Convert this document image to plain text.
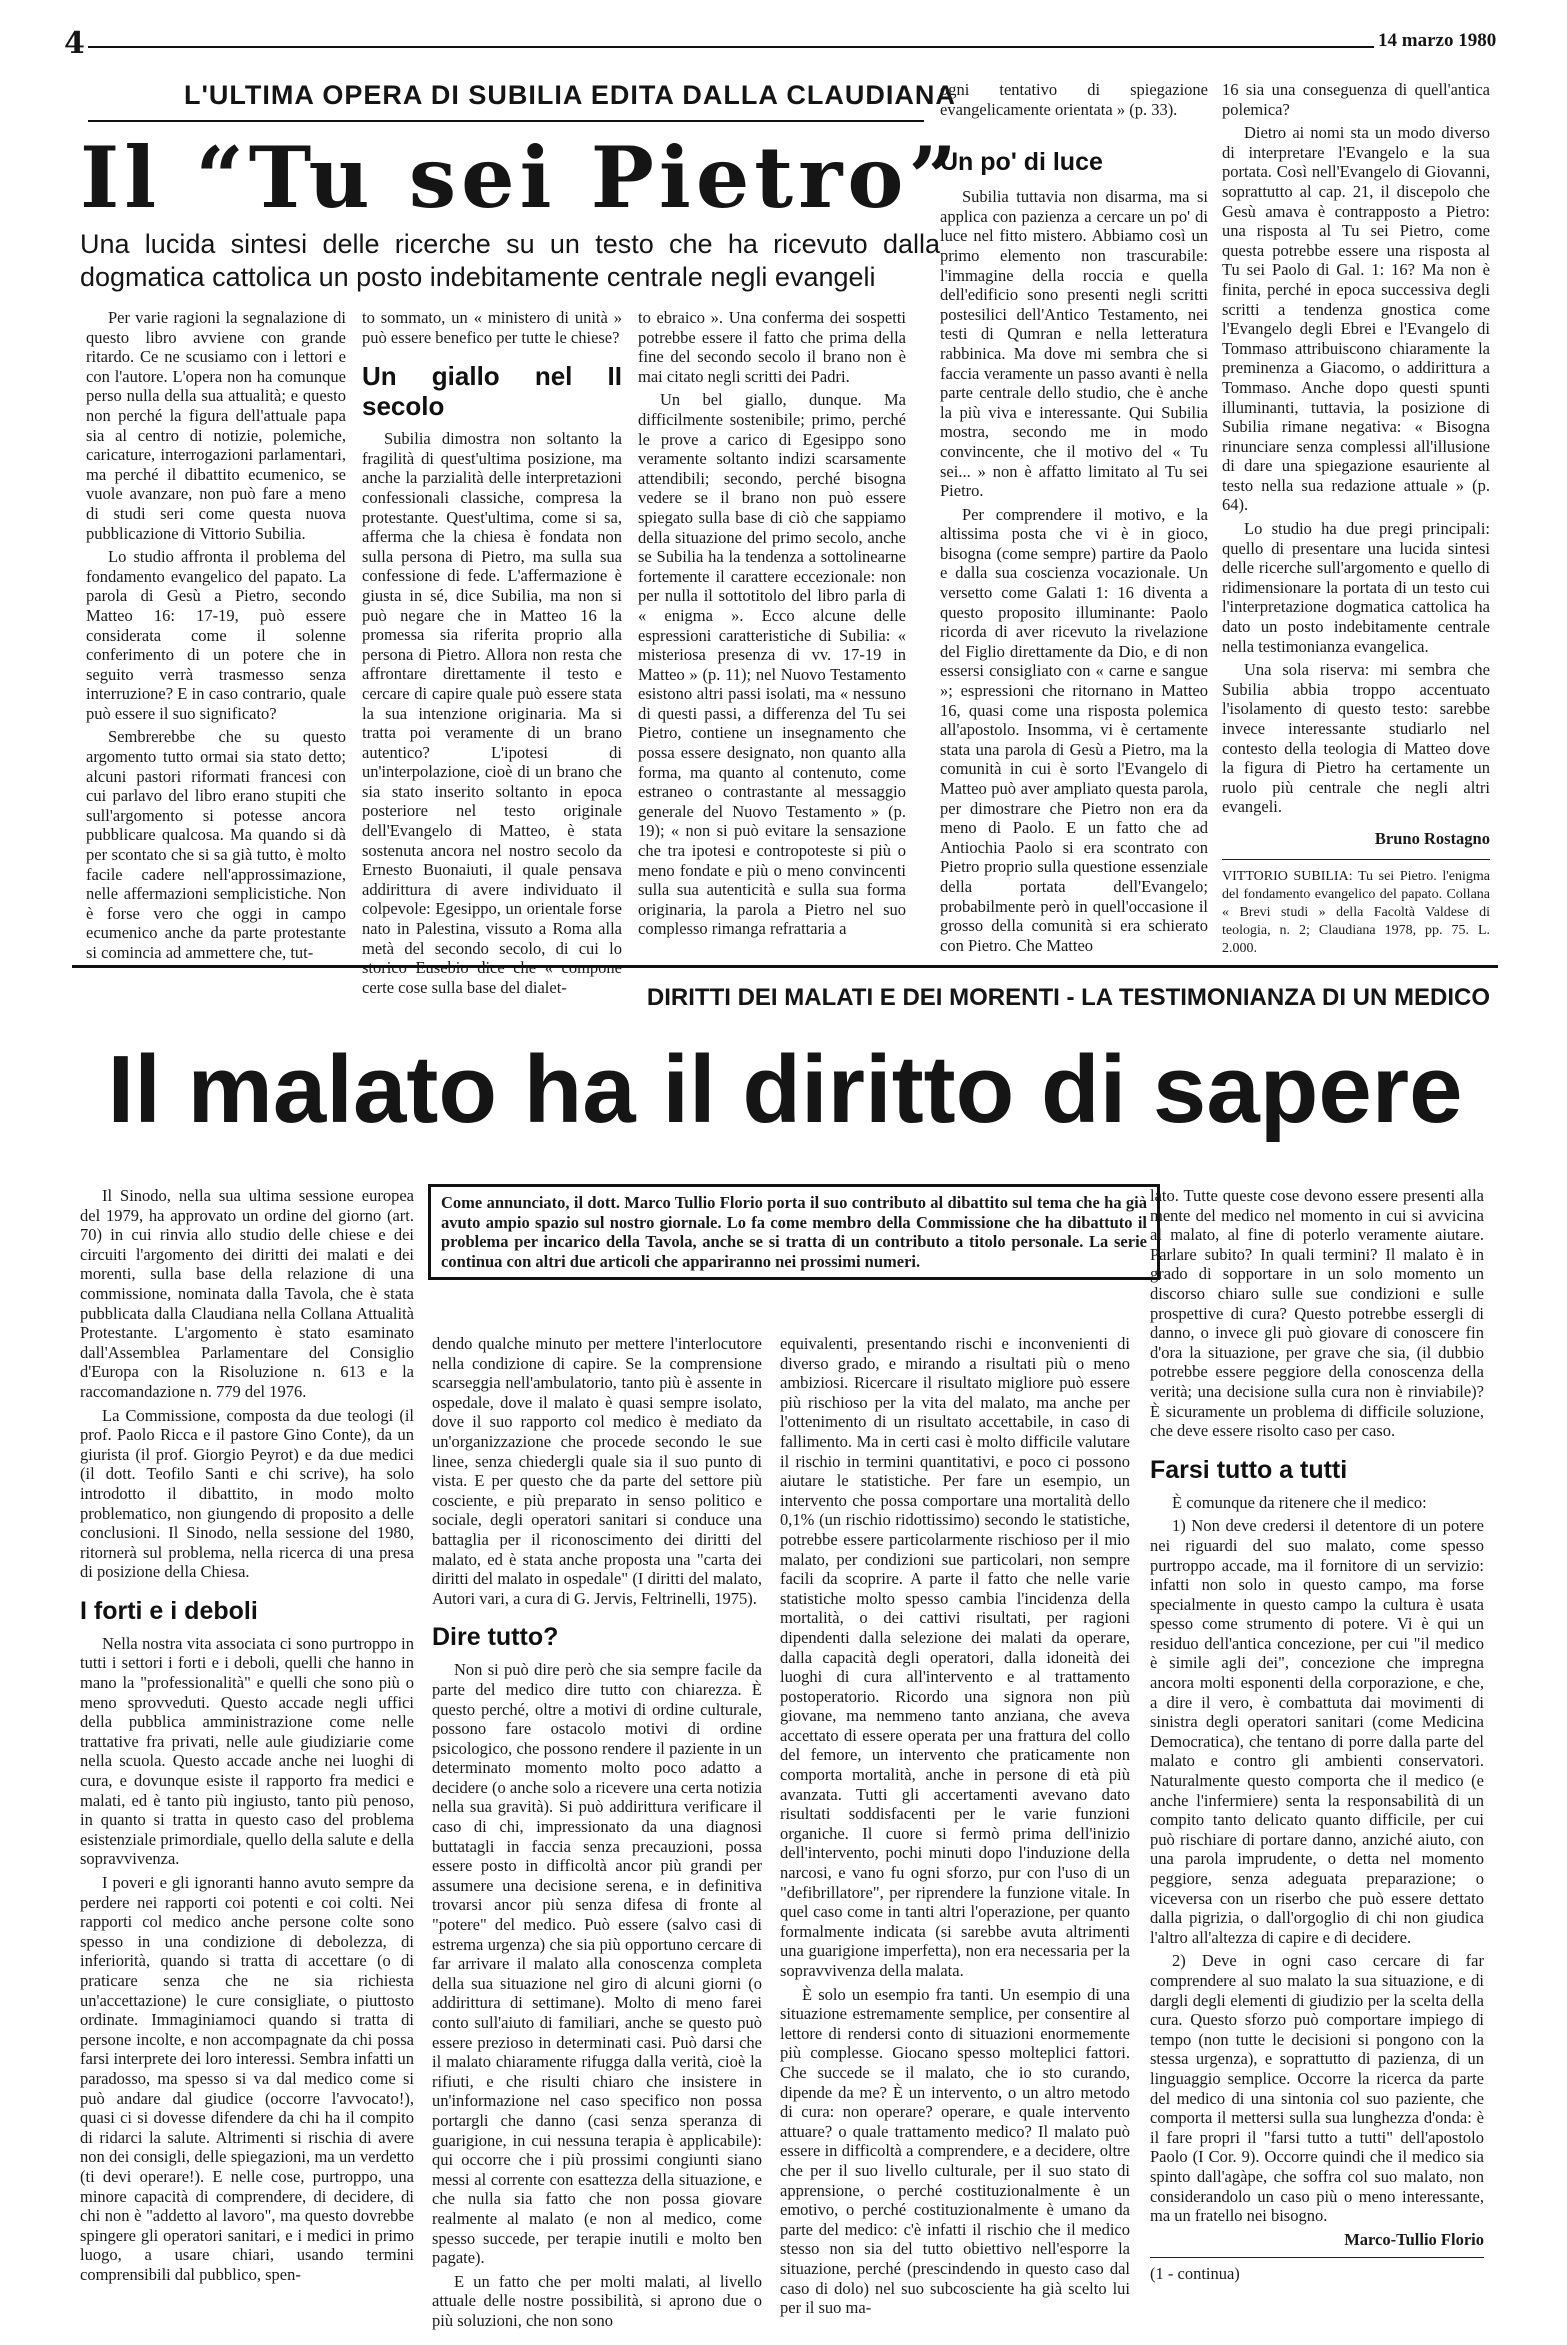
4	14 marzo 1980
L'ULTIMA OPERA DI SUBILIA EDITA DALLA CLAUDIANA
Il “Tu sei Pietro”
Una lucida sintesi delle ricerche su un testo che ha ricevuto dalla dogmatica cattolica un posto indebitamente centrale negli evangeli

Per varie ragioni la segnalazione di questo libro avviene con grande ritardo. Ce ne scusiamo con i lettori e con l'autore. L'opera non ha comunque perso nulla della sua attualità; e questo non perché la figura dell'attuale papa sia al centro di notizie, polemiche, caricature, interrogazioni parlamentari, ma perché il dibattito ecumenico, se vuole avanzare, non può fare a meno di studi seri come questa nuova pubblicazione di Vittorio Subilia.

Lo studio affronta il problema del fondamento evangelico del papato. La parola di Gesù a Pietro, secondo Matteo 16: 17-19, può essere considerata come il solenne conferimento di un potere che in seguito verrà trasmesso senza interruzione? E in caso contrario, quale può essere il suo significato?

Sembrerebbe che su questo argomento tutto ormai sia stato detto; alcuni pastori riformati francesi con cui parlavo del libro erano stupiti che sull'argomento si potesse ancora pubblicare qualcosa. Ma quando si dà per scontato che si sa già tutto, è molto facile cadere nell'approssimazione, nelle affermazioni semplicistiche. Non è forse vero che oggi in campo ecumenico anche da parte protestante si comincia ad ammettere che, tut-

to sommato, un « ministero di unità » può essere benefico per tutte le chiese?

Un giallo nel II secolo

Subilia dimostra non soltanto la fragilità di quest'ultima posizione, ma anche la parzialità delle interpretazioni confessionali classiche, compresa la protestante. Quest'ultima, come si sa, afferma che la chiesa è fondata non sulla persona di Pietro, ma sulla sua confessione di fede. L'affermazione è giusta in sé, dice Subilia, ma non si può negare che in Matteo 16 la promessa sia riferita proprio alla persona di Pietro. Allora non resta che affrontare direttamente il testo e cercare di capire quale può essere stata la sua intenzione originaria. Ma si tratta poi veramente di un brano autentico? L'ipotesi di un'interpolazione, cioè di un brano che sia stato inserito soltanto in epoca posteriore nel testo originale dell'Evangelo di Matteo, è stata sostenuta ancora nel nostro secolo da Ernesto Buonaiuti, il quale pensava addirittura di avere individuato il colpevole: Egesippo, un orientale forse nato in Palestina, vissuto a Roma alla metà del secondo secolo, di cui lo certe cose sulla base del dialet-

to ebraico ». Una conferma dei sospetti potrebbe essere il fatto che prima della fine del secondo secolo il brano non è mai citato negli scritti dei Padri.

Un bel giallo, dunque. Ma difficilmente sostenibile; primo, perché le prove a carico di Egesippo sono veramente soltanto indizi scarsamente attendibili; secondo, perché bisogna vedere se il brano non può essere spiegato sulla base di ciò che sappiamo della situazione del primo secolo, anche se Subilia ha la tendenza a sottolinearne fortemente il carattere eccezionale: non per nulla il sottotitolo del libro parla di « enigma ». Ecco alcune delle espressioni caratteristiche di Subilia: « misteriosa presenza di vv. 17-19 in Matteo » (p. 11); nel Nuovo Testamento esistono altri passi isolati, ma « nessuno di questi passi, a differenza del Tu sei Pietro, contiene un insegnamento che possa essere designato, non quanto alla forma, ma quanto al contenuto, come estraneo o contrastante al messaggio generale del Nuovo Testamento » (p. 19); « non si può evitare la sensazione che tra ipotesi e contropoteste si più o meno fondate e più o meno convincenti sulla sua autenticità e sulla sua forma originaria, la parola a Pietro nel suo complesso rimanga refrattaria a

ogni tentativo di spiegazione evangelicamente orientata » (p. 33).

Un po' di luce

Subilia tuttavia non disarma, ma si applica con pazienza a cercare un po' di luce nel fitto mistero. Abbiamo così un primo elemento non trascurabile: l'immagine della roccia e quella dell'edificio sono presenti negli scritti postesilici dell'Antico Testamento, nei testi di Qumran e nella letteratura rabbinica. Ma dove mi sembra che si faccia veramente un passo avanti è nella parte centrale dello studio, che è anche la più viva e interessante. Qui Subilia mostra, secondo me in modo convincente, che il motivo del « Tu sei... » non è affatto limitato al Tu sei Pietro.

Per comprendere il motivo, e la altissima posta che vi è in gioco, bisogna (come sempre) partire da Paolo e dalla sua coscienza vocazionale. Un versetto come Galati 1: 16 diventa a questo proposito illuminante: Paolo ricorda di aver ricevuto la rivelazione del Figlio direttamente da Dio, e di non essersi consigliato con « carne e sangue »; espressioni che ritornano in Matteo 16, quasi come una risposta polemica all'apostolo. Insomma, vi è certamente stata una parola di Gesù a Pietro, ma la comunità in cui è sorto l'Evangelo di Matteo può aver ampliato questa parola, per dimostrare che Pietro non era da meno di Paolo. E un fatto che ad Antiochia Paolo si era scontrato con Pietro proprio sulla questione essenziale della portata dell'Evangelo; probabilmente però in quell'occasione il grosso della comunità si era schierato con Pietro. Che Matteo

16 sia una conseguenza di quell'antica polemica?

Dietro ai nomi sta un modo diverso di interpretare l'Evangelo e la sua portata. Così nell'Evangelo di Giovanni, soprattutto al cap. 21, il discepolo che Gesù amava è contrapposto a Pietro: una risposta al Tu sei Pietro, come questa potrebbe essere una risposta al Tu sei Paolo di Gal. 1: 16? Ma non è finita, perché in epoca successiva degli scritti a tendenza gnostica come l'Evangelo degli Ebrei e l'Evangelo di Tommaso attribuiscono chiaramente la preminenza a Giacomo, o addirittura a Tommaso. Anche dopo questi spunti illuminanti, tuttavia, la posizione di Subilia rimane negativa: « Bisogna rinunciare senza complessi all'illusione di dare una spiegazione esauriente al testo nella sua redazione attuale » (p. 64).

Lo studio ha due pregi principali: quello di presentare una lucida sintesi delle ricerche sull'argomento e quello di ridimensionare la portata di un testo cui l'interpretazione dogmatica cattolica ha dato un posto indebitamente centrale nella testimonianza evangelica.

Una sola riserva: mi sembra che Subilia abbia troppo accentuato l'isolamento di questo testo: sarebbe invece interessante studiarlo nel contesto della teologia di Matteo dove la figura di Pietro ha certamente un ruolo più centrale che negli altri evangeli.

Bruno Rostagno

VITTORIO SUBILIA: Tu sei Pietro. l'enigma del fondamento evangelico del papato. Collana « Brevi studi » della Facoltà Valdese di teologia, n. 2; Claudiana 1978, pp. 75. L. 2.000.

DIRITTI DEI MALATI E DEI MORENTI - LA TESTIMONIANZA DI UN MEDICO
Il malato ha il diritto di sapere
Come annunciato, il dott. Marco Tullio Florio porta il suo contributo al dibattito sul tema che ha già avuto ampio spazio sul nostro giornale. Lo fa come membro della Commissione che ha dibattuto il problema per incarico della Tavola, anche se si tratta di un contributo a titolo personale. La serie continua con altri due articoli che appariranno nei prossimi numeri.

Il Sinodo, nella sua ultima sessione europea del 1979, ha approvato un ordine del giorno (art. 70) in cui rinvia allo studio delle chiese e dei circuiti l'argomento dei diritti dei malati e dei morenti, sulla base della relazione di una commissione, nominata dalla Tavola, che è stata pubblicata dalla Claudiana nella Collana Attualità Protestante. L'argomento è stato esaminato dall'Assemblea Parlamentare del Consiglio d'Europa con la Risoluzione n. 613 e la raccomandazione n. 779 del 1976.

La Commissione, composta da due teologi (il prof. Paolo Ricca e il pastore Gino Conte), da un giurista (il prof. Giorgio Peyrot) e da due medici (il dott. Teofilo Santi e chi scrive), ha solo introdotto il dibattito, in modo molto problematico, non giungendo di proposito a delle conclusioni. Il Sinodo, nella sessione del 1980, ritornerà sul problema, nella ricerca di una presa di posizione della Chiesa.

I forti e i deboli

Nella nostra vita associata ci sono purtroppo in tutti i settori i forti e i deboli, quelli che hanno in mano la "professionalità" e quelli che sono più o meno sprovveduti. Questo accade negli uffici della pubblica amministrazione come nelle trattative fra privati, nelle aule giudiziarie come nella scuola. Questo accade anche nei luoghi di cura, e dovunque esiste il rapporto fra medici e malati, ed è tanto più ingiusto, tanto più penoso, in quanto si tratta in questo caso del problema esistenziale primordiale, quello della salute e della sopravvivenza.

I poveri e gli ignoranti hanno avuto sempre da perdere nei rapporti coi potenti e coi colti. Nei rapporti col medico anche persone colte sono spesso in una condizione di debolezza, di inferiorità, quando si tratta di accettare (o di praticare senza che ne sia richiesta un'accettazione) le cure consigliate, o piuttosto ordinate. Immaginiamoci quando si tratta di persone incolte, e non accompagnate da chi possa farsi interprete dei loro interessi. Sembra infatti un paradosso, ma spesso si va dal medico come si può andare dal giudice (occorre l'avvocato!), quasi ci si dovesse difendere da chi ha il compito di ridarci la salute. Altrimenti si rischia di avere non dei consigli, delle spiegazioni, ma un verdetto (ti devi operare!). E nelle cose, purtroppo, una minore capacità di comprendere, di decidere, di chi non è "addetto al lavoro", ma questo dovrebbe spingere gli operatori sanitari, e i medici in primo luogo, a usare chiari, usando termini comprensibili dal pubblico, spen-

dendo qualche minuto per mettere l'interlocutore nella condizione di capire. Se la comprensione scarseggia nell'ambulatorio, tanto più è assente in ospedale, dove il malato è quasi sempre isolato, dove il suo rapporto col medico è mediato da un'organizzazione che procede secondo le sue linee, senza chiedergli quale sia il suo punto di vista. E per questo che da parte del settore più cosciente, e più preparato in senso politico e sociale, degli operatori sanitari si conduce una battaglia per il riconoscimento dei diritti del malato, ed è stata anche proposta una "carta dei diritti del malato in ospedale" (I diritti del malato, Autori vari, a cura di G. Jervis, Feltrinelli, 1975).

Dire tutto?

Non si può dire però che sia sempre facile da parte del medico dire tutto con chiarezza. È questo perché, oltre a motivi di ordine culturale, possono fare ostacolo motivi di ordine psicologico, che possono rendere il paziente in un determinato momento molto poco adatto a decidere (o anche solo a ricevere una certa notizia nella sua gravità). Si può addirittura verificare il caso di chi, impressionato da una diagnosi buttatagli in faccia senza precauzioni, possa essere posto in difficoltà ancor più grandi per assumere una decisione serena, e in definitiva trovarsi ancor più senza difesa di fronte al "potere" del medico. Può essere (salvo casi di estrema urgenza) che sia più opportuno cercare di far arrivare il malato alla conoscenza completa della sua situazione nel giro di alcuni giorni (o addirittura di settimane). Molto di meno farei conto sull'aiuto di familiari, anche se questo può essere prezioso in determinati casi. Può darsi che il malato chiaramente rifugga dalla verità, cioè la rifiuti, e che risulti chiaro che insistere in un'informazione nel caso specifico non possa portargli che danno (casi senza speranza di guarigione, in cui nessuna terapia è applicabile): qui occorre che i più prossimi congiunti siano messi al corrente con esattezza della situazione, e che nulla sia fatto che non possa giovare realmente al malato (e non al medico, come spesso succede, per terapie inutili e molto ben pagate).

E un fatto che per molti malati, al livello attuale delle nostre possibilità, si aprono due o più soluzioni, che non sono

equivalenti, presentando rischi e inconvenienti di diverso grado, e mirando a risultati più o meno ambiziosi. Ricercare il risultato migliore può essere più rischioso per la vita del malato, ma anche per l'ottenimento di un risultato accettabile, in caso di fallimento. Ma in certi casi è molto difficile valutare il rischio in termini quantitativi, e poco ci possono aiutare le statistiche. Per fare un esempio, un intervento che possa comportare una mortalità dello 0,1% (un rischio ridottissimo) secondo le statistiche, potrebbe essere particolarmente rischioso per il mio malato, per condizioni sue particolari, non sempre facili da scoprire. A parte il fatto che nelle varie statistiche molto spesso cambia l'incidenza della mortalità, o dei cattivi risultati, per ragioni dipendenti dalla selezione dei malati da operare, dalla capacità degli operatori, dalla idoneità dei luoghi di cura all'intervento e al trattamento postoperatorio. Ricordo una signora non più giovane, ma nemmeno tanto anziana, che aveva accettato di essere operata per una frattura del collo del femore, un intervento che praticamente non comporta mortalità, anche in persone di età più avanzata. Tutti gli accertamenti avevano dato risultati soddisfacenti per le varie funzioni organiche. Il cuore si fermò prima dell'inizio dell'intervento, pochi minuti dopo l'induzione della narcosi, e vano fu ogni sforzo, pur con l'uso di un "defibrillatore", per riprendere la funzione vitale. In quel caso come in tanti altri l'operazione, per quanto formalmente indicata (si sarebbe avuta altrimenti una guarigione imperfetta), non era necessaria per la sopravvivenza della malata.

È solo un esempio fra tanti. Un esempio di una situazione estremamente semplice, per consentire al lettore di rendersi conto di situazioni enormemente più complesse. Giocano spesso molteplici fattori. Che succede se il malato, che io sto curando, dipende da me? È un intervento, o un altro metodo di cura: non operare? operare, e quale intervento attuare? o quale trattamento medico? Il malato può essere in difficoltà a comprendere, e a decidere, oltre che per il suo livello culturale, per il suo stato di apprensione, o perché costituzionalmente è un emotivo, o perché costituzionalmente è umano da parte del medico: c'è infatti il rischio che il medico stesso non sia del tutto obiettivo nell'esporre la situazione, perché (prescindendo in questo caso dal caso di dolo) nel suo subcosciente ha già scelto lui per il suo ma-

lato. Tutte queste cose devono essere presenti alla mente del medico nel momento in cui si avvicina al malato, al fine di poterlo veramente aiutare. Parlare subito? In quali termini? Il malato è in grado di sopportare in un solo momento un discorso chiaro sulle sue condizioni e sulle prospettive di cura? Questo potrebbe essergli di danno, o invece gli può giovare di conoscere fin d'ora la situazione, per grave che sia, (il dubbio potrebbe essere peggiore della conoscenza della verità; una decisione sulla cura non è rinviabile)? È sicuramente un problema di difficile soluzione, che deve essere risolto caso per caso.

Farsi tutto a tutti

È comunque da ritenere che il medico:

1) Non deve credersi il detentore di un potere nei riguardi del suo malato, come spesso purtroppo accade, ma il fornitore di un servizio: infatti non solo in questo campo, ma forse specialmente in questo campo la cultura è usata spesso come strumento di potere. Vi è qui un residuo dell'antica concezione, per cui "il medico è simile agli dei", concezione che impregna ancora molti esponenti della corporazione, e che, a dire il vero, è combattuta dai movimenti di sinistra degli operatori sanitari (come Medicina Democratica), che tentano di porre dalla parte del malato e contro gli ambienti conservatori. Naturalmente questo comporta che il medico (e anche l'infermiere) senta la responsabilità di un compito tanto delicato quanto difficile, per cui può rischiare di portare danno, anziché aiuto, con una parola imprudente, o detta nel momento peggiore, senza adeguata preparazione; o viceversa con un riserbo che può essere dettato dalla pigrizia, o dall'orgoglio di chi non giudica l'altro all'altezza di capire e di decidere.

2) Deve in ogni caso cercare di far comprendere al suo malato la sua situazione, e di dargli degli elementi di giudizio per la scelta della cura. Questo sforzo può comportare impiego di tempo (non tutte le decisioni si pongono con la stessa urgenza), e soprattutto di pazienza, di un linguaggio semplice. Occorre la ricerca da parte del medico di una sintonia col suo paziente, che comporta il mettersi sulla sua lunghezza d'onda: è il fare propri il "farsi tutto a tutti" dell'apostolo Paolo (I Cor. 9). Occorre quindi che il medico sia spinto dall'agàpe, che soffra col suo malato, non considerandolo un caso più o meno interessante, ma un fratello nei bisogno.

Marco-Tullio Florio

(1 - continua)
